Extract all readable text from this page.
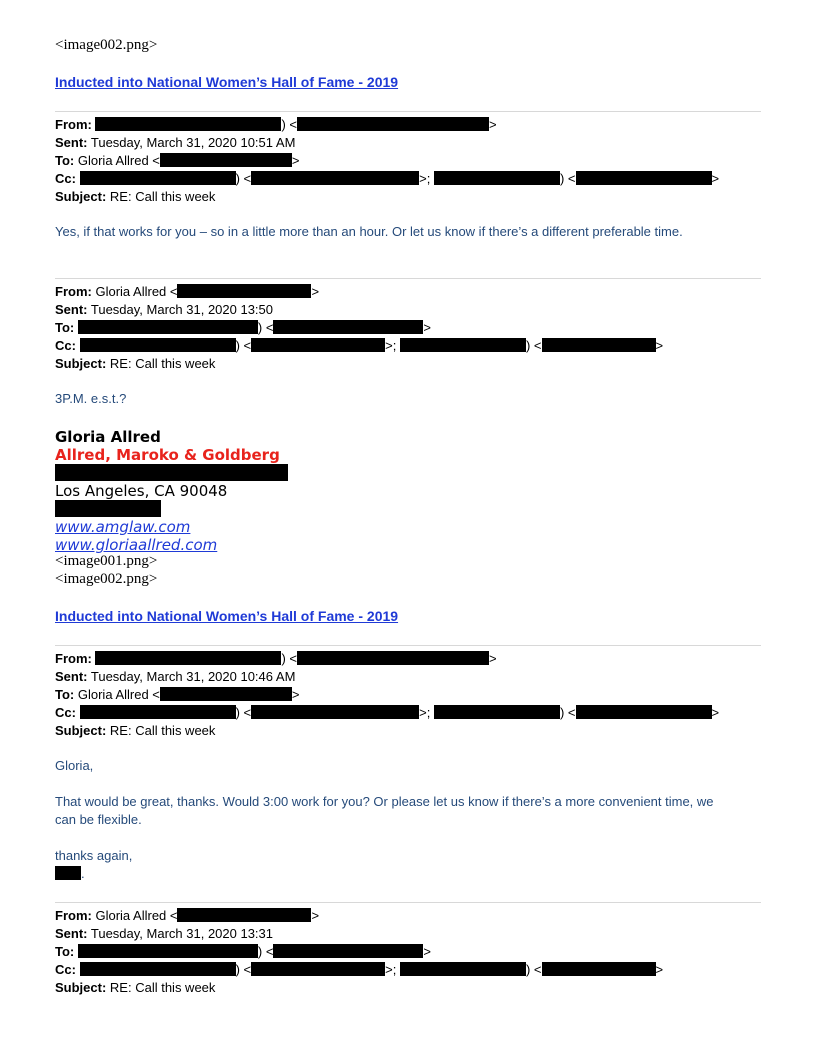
<image002.png>
Inducted into National Women’s Hall of Fame - 2019
From:	) <	>
Sent: Tuesday, March 31, 2020 10:51 AM
To: Gloria Allred <	>
Cc:	) <	>;	) <	>
Subject: RE: Call this week
Yes, if that works for you – so in a little more than an hour. Or let us know if there’s a different preferable time.
From: Gloria Allred <	>
Sent: Tuesday, March 31, 2020 13:50
To:	) <	>
Cc:	) <	>;	) <	>
Subject: RE: Call this week
3P.M. e.s.t.?
Gloria Allred
Allred, Maroko & Goldberg
Los Angeles, CA 90048
www.amglaw.com
www.gloriaallred.com
<image001.png>
<image002.png>
Inducted into National Women’s Hall of Fame - 2019
From:	) <	>
Sent: Tuesday, March 31, 2020 10:46 AM
To: Gloria Allred <	>
Cc:	) <	>;	) <	>
Subject: RE: Call this week
Gloria,
That would be great, thanks. Would 3:00 work for you? Or please let us know if there’s a more convenient time, we
can be flexible.
thanks again,
.
From: Gloria Allred <	>
Sent: Tuesday, March 31, 2020 13:31
To:	) <	>
Cc:	) <	>;	) <	>
Subject: RE: Call this week
